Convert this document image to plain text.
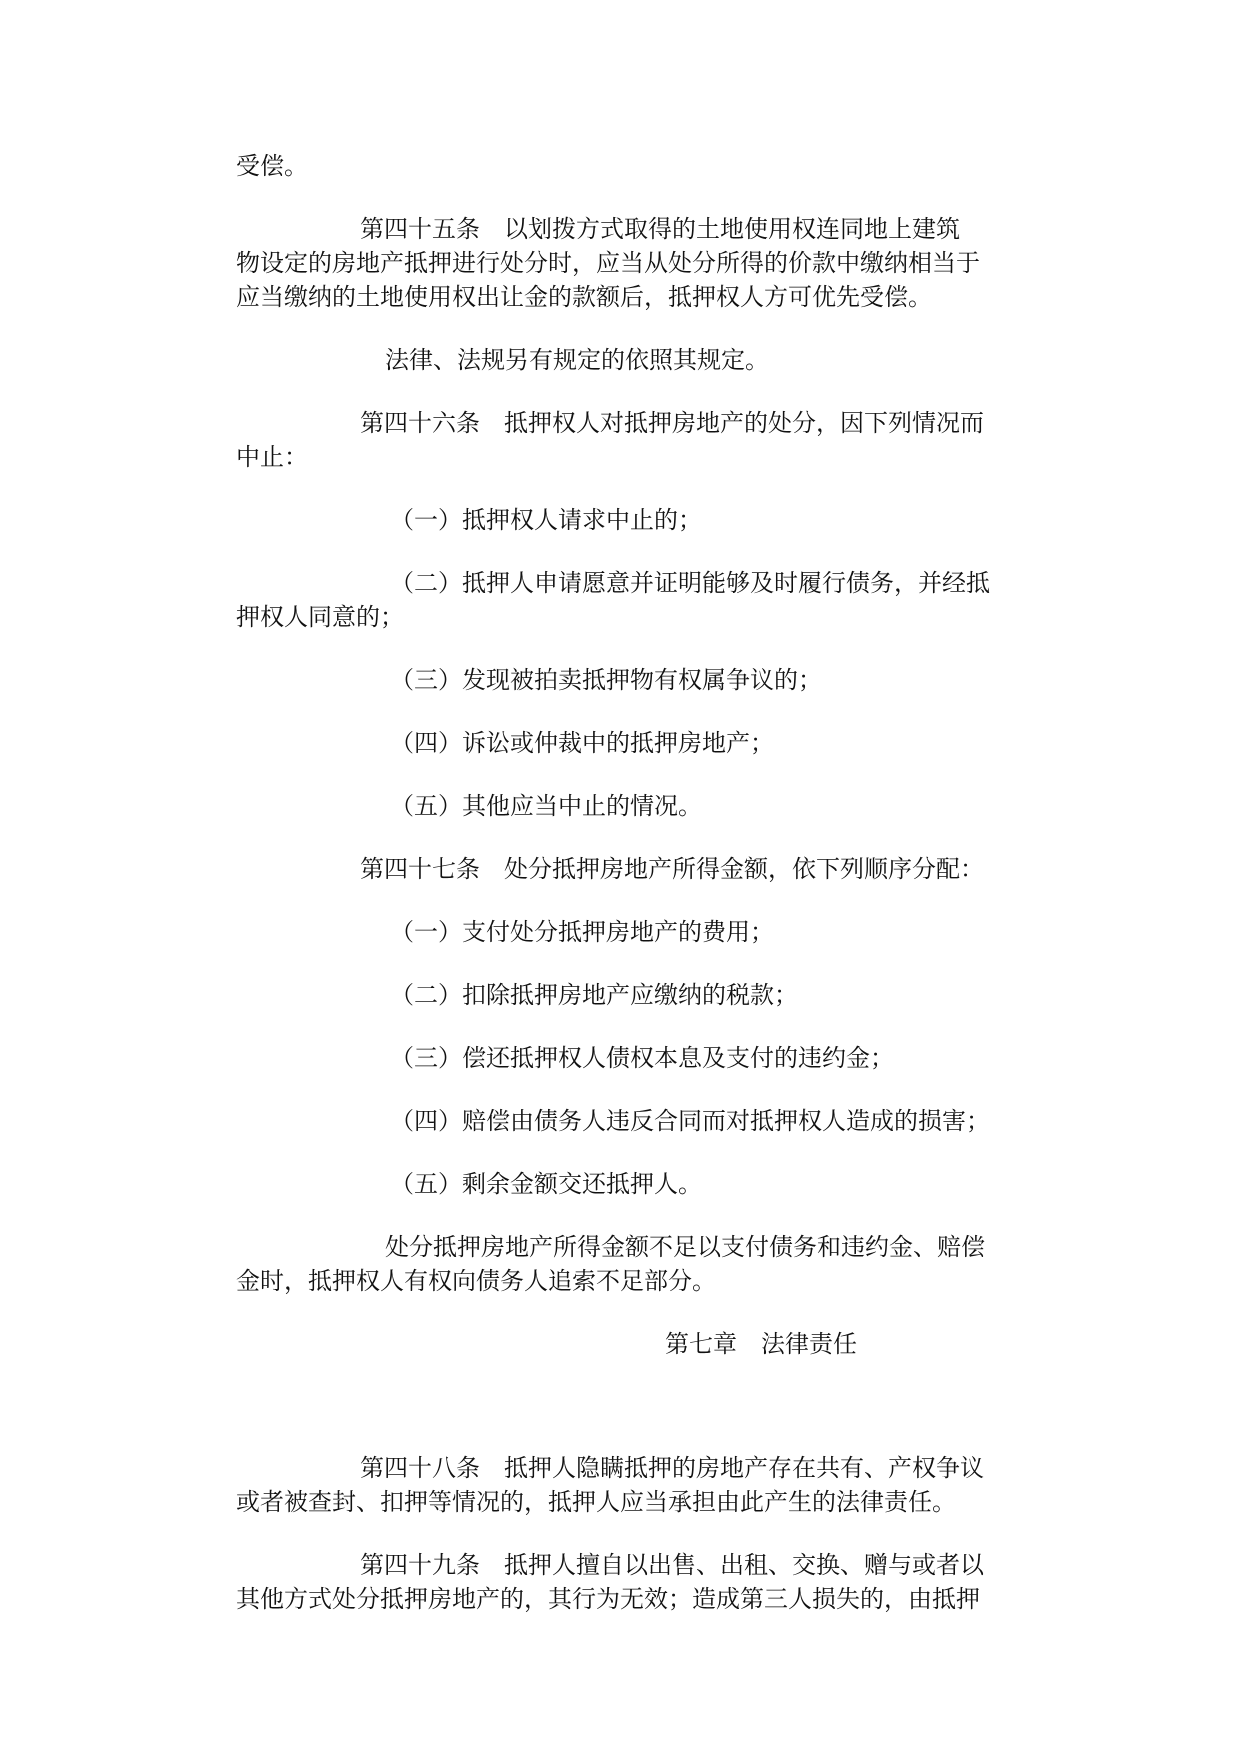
受偿。

第四十五条　以划拨方式取得的土地使用权连同地上建筑

物设定的房地产抵押进行处分时，应当从处分所得的价款中缴纳相当于

应当缴纳的土地使用权出让金的款额后，抵押权人方可优先受偿。

法律、法规另有规定的依照其规定。

第四十六条　抵押权人对抵押房地产的处分，因下列情况而

中止：

（一）抵押权人请求中止的；

（二）抵押人申请愿意并证明能够及时履行债务，并经抵

押权人同意的；

（三）发现被拍卖抵押物有权属争议的；

（四）诉讼或仲裁中的抵押房地产；

（五）其他应当中止的情况。

第四十七条　处分抵押房地产所得金额，依下列顺序分配：

（一）支付处分抵押房地产的费用；

（二）扣除抵押房地产应缴纳的税款；

（三）偿还抵押权人债权本息及支付的违约金；

（四）赔偿由债务人违反合同而对抵押权人造成的损害；

（五）剩余金额交还抵押人。

处分抵押房地产所得金额不足以支付债务和违约金、赔偿

金时，抵押权人有权向债务人追索不足部分。

第七章　法律责任

第四十八条　抵押人隐瞒抵押的房地产存在共有、产权争议

或者被查封、扣押等情况的，抵押人应当承担由此产生的法律责任。

第四十九条　抵押人擅自以出售、出租、交换、赠与或者以

其他方式处分抵押房地产的，其行为无效；造成第三人损失的，由抵押
